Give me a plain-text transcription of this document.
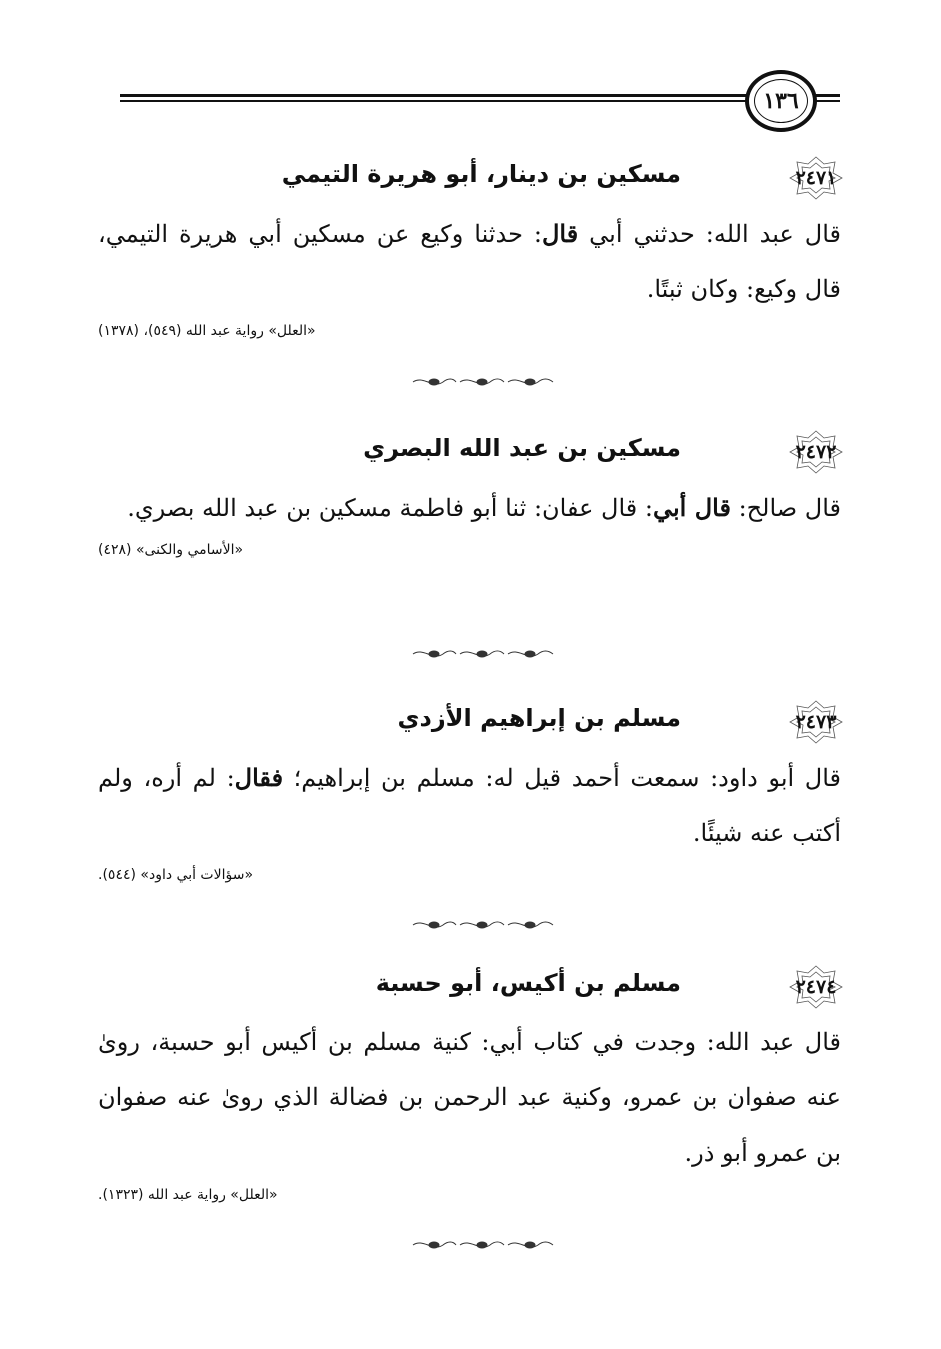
١٣٦
٢٤٧١
مسكين بن دينار، أبو هريرة التيمي

قال عبد الله: حدثني أبي قال: حدثنا وكيع عن مسكين أبي هريرة التيمي، قال وكيع: وكان ثبتًا.

«العلل» رواية عبد الله (٥٤٩)، (١٣٧٨)
٢٤٧٢
مسكين بن عبد الله البصري

قال صالح: قال أبي: قال عفان: ثنا أبو فاطمة مسكين بن عبد الله بصري.

«الأسامي والكنى» (٤٢٨)
٢٤٧٣
مسلم بن إبراهيم الأزدي

قال أبو داود: سمعت أحمد قيل له: مسلم بن إبراهيم؛ فقال: لم أره، ولم أكتب عنه شيئًا.

«سؤالات أبي داود» (٥٤٤).
٢٤٧٤
مسلم بن أكيس، أبو حسبة

قال عبد الله: وجدت في كتاب أبي: كنية مسلم بن أكيس أبو حسبة، روىٰ عنه صفوان بن عمرو، وكنية عبد الرحمن بن فضالة الذي روىٰ عنه صفوان بن عمرو أبو ذر.

«العلل» رواية عبد الله (١٣٢٣).
